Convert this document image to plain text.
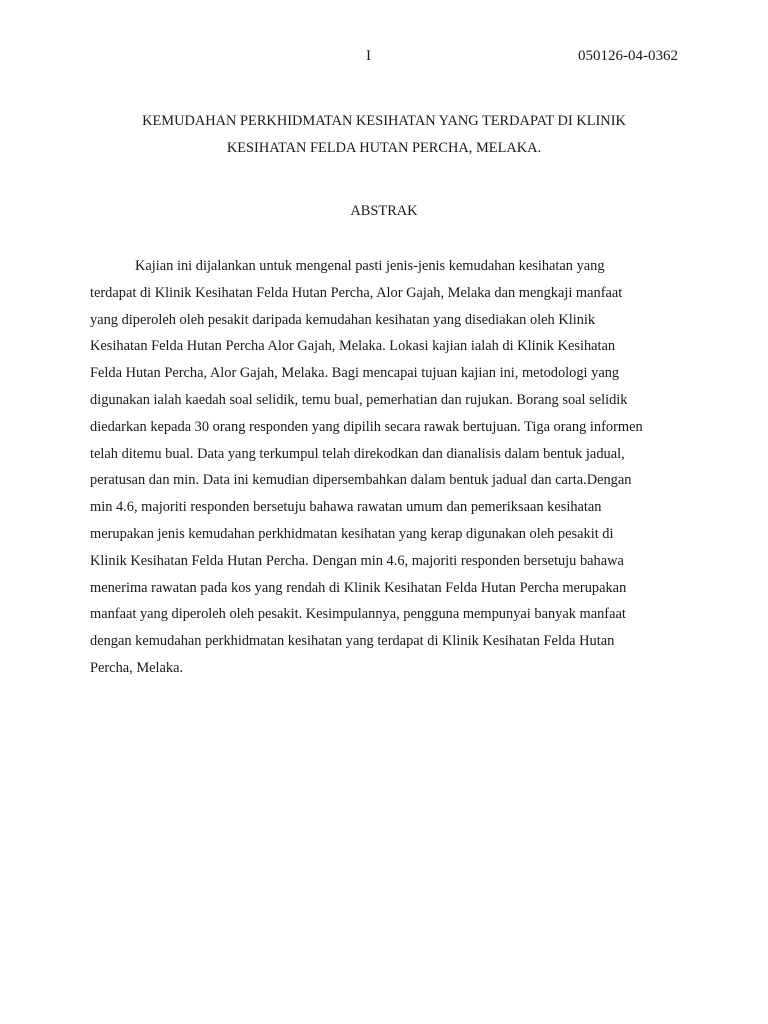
I	050126-04-0362
KEMUDAHAN PERKHIDMATAN KESIHATAN YANG TERDAPAT DI KLINIK
KESIHATAN FELDA HUTAN PERCHA, MELAKA.
ABSTRAK
Kajian ini dijalankan untuk mengenal pasti jenis-jenis kemudahan kesihatan yang
terdapat di Klinik Kesihatan Felda Hutan Percha, Alor Gajah, Melaka dan mengkaji manfaat
yang diperoleh oleh pesakit daripada kemudahan kesihatan yang disediakan oleh Klinik
Kesihatan Felda Hutan Percha Alor Gajah, Melaka. Lokasi kajian ialah di Klinik Kesihatan
Felda Hutan Percha, Alor Gajah, Melaka. Bagi mencapai tujuan kajian ini, metodologi yang
digunakan ialah kaedah soal selidik, temu bual, pemerhatian dan rujukan. Borang soal selidik
diedarkan kepada 30 orang responden yang dipilih secara rawak bertujuan. Tiga orang informen
telah ditemu bual. Data yang terkumpul telah direkodkan dan dianalisis dalam bentuk jadual,
peratusan dan min. Data ini kemudian dipersembahkan dalam bentuk jadual dan carta.Dengan
min 4.6, majoriti responden bersetuju bahawa rawatan umum dan pemeriksaan kesihatan
merupakan jenis kemudahan perkhidmatan kesihatan yang kerap digunakan oleh pesakit di
Klinik Kesihatan Felda Hutan Percha. Dengan min 4.6, majoriti responden bersetuju bahawa
menerima rawatan pada kos yang rendah di Klinik Kesihatan Felda Hutan Percha merupakan
manfaat yang diperoleh oleh pesakit. Kesimpulannya, pengguna mempunyai banyak manfaat
dengan kemudahan perkhidmatan kesihatan yang terdapat di Klinik Kesihatan Felda Hutan
Percha, Melaka.
